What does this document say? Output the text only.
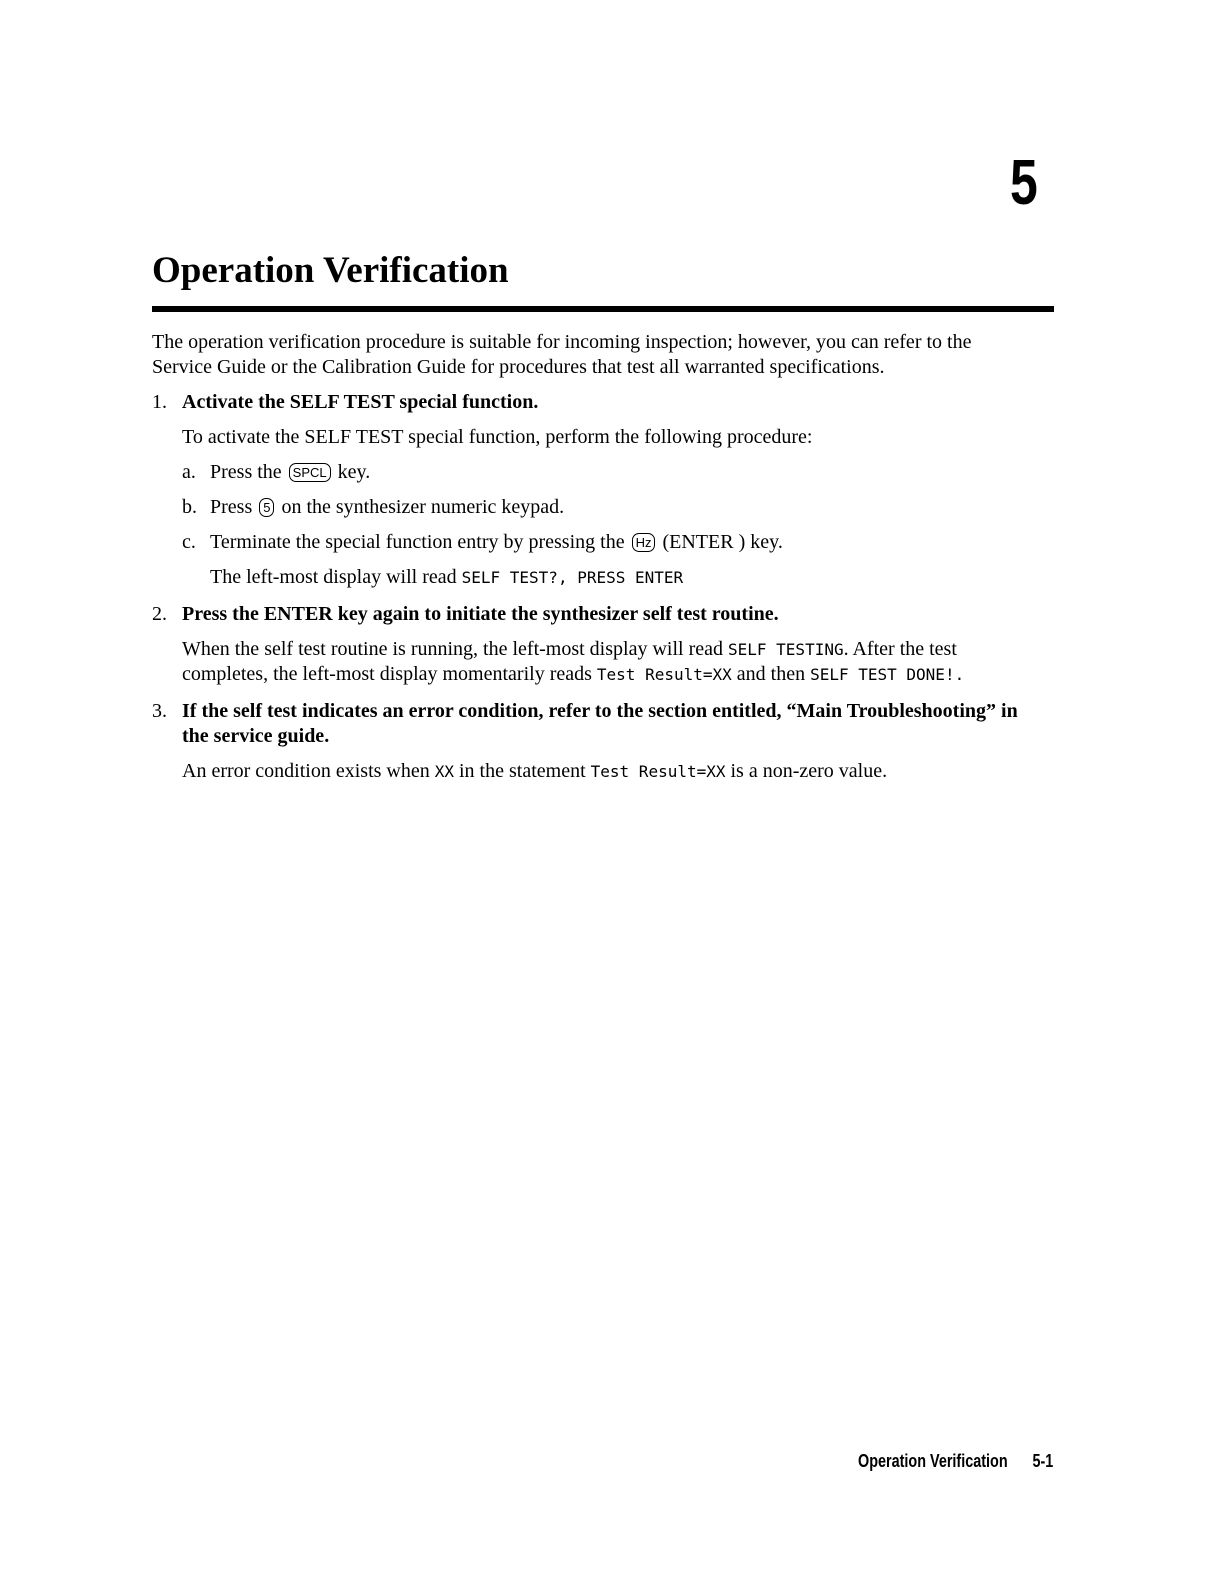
5
Operation Verification

The operation verification procedure is suitable for incoming inspection; however, you can refer to the Service Guide or the Calibration Guide for procedures that test all warranted specifications.

1. Activate the SELF TEST special function.

To activate the SELF TEST special function, perform the following procedure:

a. Press the SPCL key.

b. Press 5 on the synthesizer numeric keypad.

c. Terminate the special function entry by pressing the Hz (ENTER ) key.

The left-most display will read SELF TEST?, PRESS ENTER

2. Press the ENTER key again to initiate the synthesizer self test routine.

When the self test routine is running, the left-most display will read SELF TESTING. After the test completes, the left-most display momentarily reads Test Result=XX and then SELF TEST DONE!.

3. If the self test indicates an error condition, refer to the section entitled, “Main Troubleshooting” in the service guide.

An error condition exists when XX in the statement Test Result=XX is a non-zero value.

Operation Verification 5-1
